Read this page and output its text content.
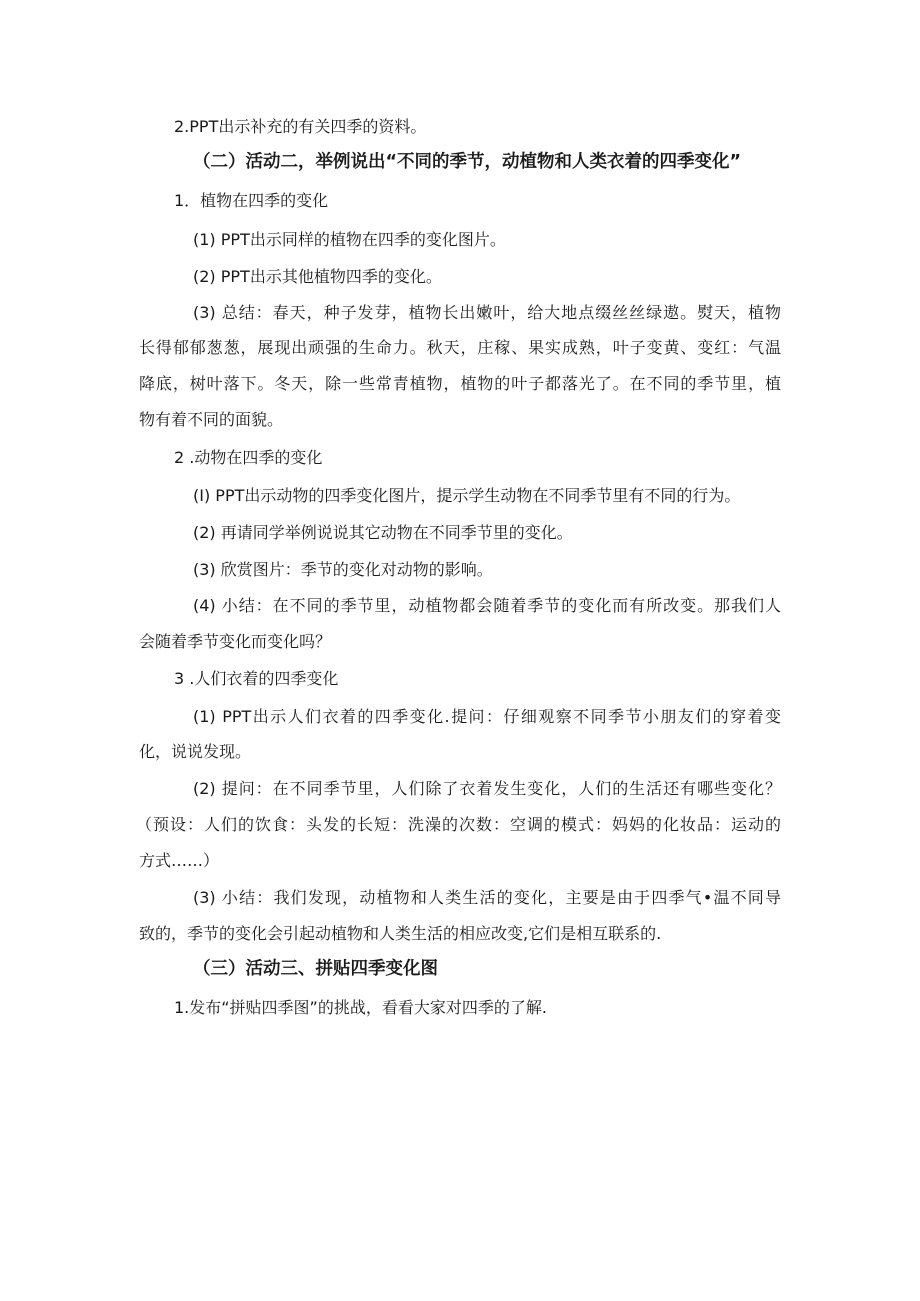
2.PPT出示补充的有关四季的资料。
（二）活动二，举例说出“不同的季节，动植物和人类衣着的四季变化”
1．植物在四季的变化
(1) PPT出示同样的植物在四季的变化图片。
(2) PPT出示其他植物四季的变化。
(3) 总结：春天，种子发芽，植物长出嫩叶，给大地点缀丝丝绿遨。熨天，植物
长得郁郁葱葱，展现出顽强的生命力。秋天，庄稼、果实成熟，叶子变黄、变红：气温
降底，树叶落下。冬天，除一些常青植物，植物的叶子都落光了。在不同的季节里，植
物有着不同的面貌。
2 .动物在四季的变化
(I) PPT出示动物的四季变化图片，提示学生动物在不同季节里有不同的行为。
(2) 再请同学举例说说其它动物在不同季节里的变化。
(3) 欣赏图片：季节的变化对动物的影响。
(4) 小结：在不同的季节里，动植物都会随着季节的变化而有所改变。那我们人
会随着季节变化而变化吗？
3 .人们衣着的四季变化
(1) PPT出示人们衣着的四季变化.提问：仔细观察不同季节小朋友们的穿着变
化，说说发现。
(2) 提问：在不同季节里，人们除了衣着发生变化，人们的生活还有哪些变化？
（预设：人们的饮食：头发的长短：洗澡的次数：空调的模式：妈妈的化妆品：运动的
方式……）
(3) 小结：我们发现，动植物和人类生活的变化，主要是由于四季气•温不同导
致的，季节的变化会引起动植物和人类生活的相应改变,它们是相互联系的.
（三）活动三、拼贴四季变化图
1.发布“拼贴四季图”的挑战，看看大家对四季的了解.
